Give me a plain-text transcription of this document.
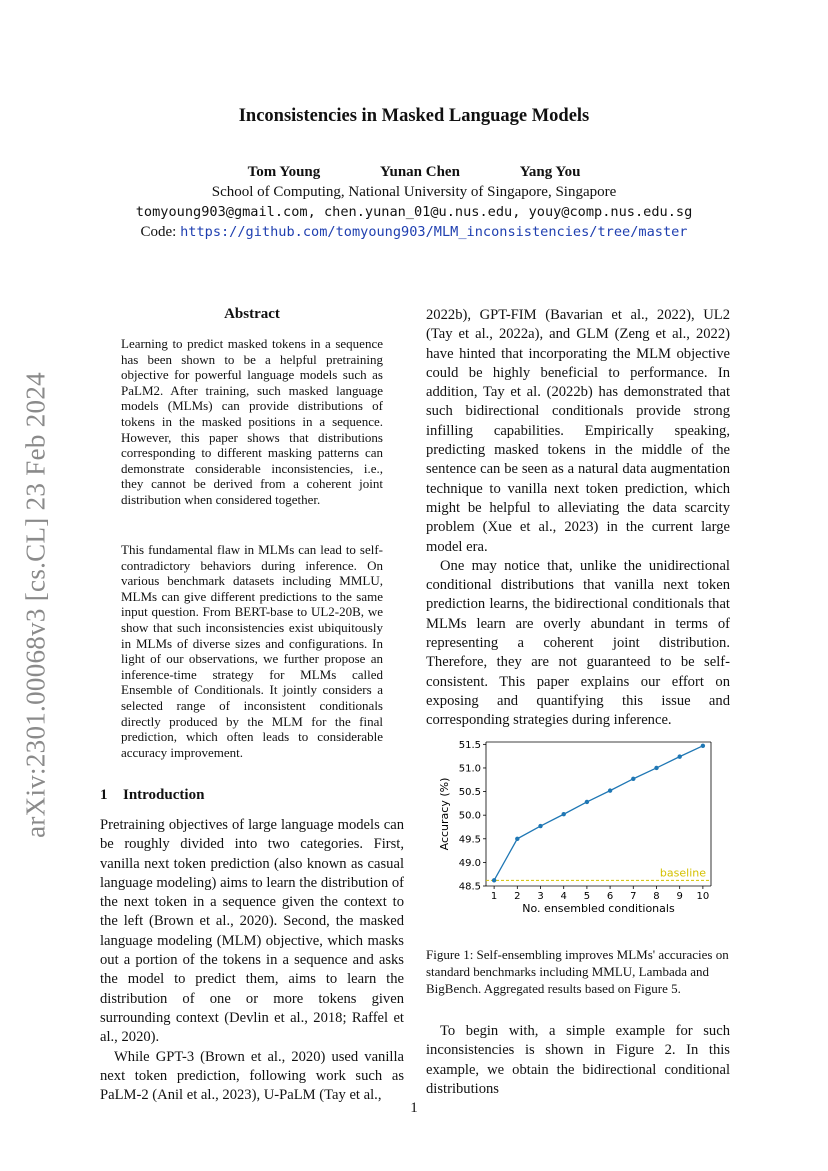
Inconsistencies in Masked Language Models
Tom Young	Yunan Chen	Yang You
School of Computing, National University of Singapore, Singapore
tomyoung903@gmail.com, chen.yunan_01@u.nus.edu, youy@comp.nus.edu.sg
Code: https://github.com/tomyoung903/MLM_inconsistencies/tree/master
arXiv:2301.00068v3 [cs.CL] 23 Feb 2024
Abstract

Learning to predict masked tokens in a sequence has been shown to be a helpful pretraining objective for powerful language models such as PaLM2. After training, such masked language models (MLMs) can provide distributions of tokens in the masked positions in a sequence. However, this paper shows that distributions corresponding to different masking patterns can demonstrate considerable inconsistencies, i.e., they cannot be derived from a coherent joint distribution when considered together.

This fundamental flaw in MLMs can lead to self-contradictory behaviors during inference. On various benchmark datasets including MMLU, MLMs can give different predictions to the same input question. From BERT-base to UL2-20B, we show that such inconsistencies exist ubiquitously in MLMs of diverse sizes and configurations. In light of our observations, we further propose an inference-time strategy for MLMs called Ensemble of Conditionals. It jointly considers a selected range of inconsistent conditionals directly produced by the MLM for the final prediction, which often leads to considerable accuracy improvement.

1 Introduction

Pretraining objectives of large language models can be roughly divided into two categories. First, vanilla next token prediction (also known as casual language modeling) aims to learn the distribution of the next token in a sequence given the context to the left (Brown et al., 2020). Second, the masked language modeling (MLM) objective, which masks out a portion of the tokens in a sequence and asks the model to predict them, aims to learn the distribution of one or more tokens given surrounding context (Devlin et al., 2018; Raffel et al., 2020).

While GPT-3 (Brown et al., 2020) used vanilla next token prediction, following work such as PaLM-2 (Anil et al., 2023), U-PaLM (Tay et al.,

2022b), GPT-FIM (Bavarian et al., 2022), UL2 (Tay et al., 2022a), and GLM (Zeng et al., 2022) have hinted that incorporating the MLM objective could be highly beneficial to performance. In addition, Tay et al. (2022b) has demonstrated that such bidirectional conditionals provide strong infilling capabilities. Empirically speaking, predicting masked tokens in the middle of the sentence can be seen as a natural data augmentation technique to vanilla next token prediction, which might be helpful to alleviating the data scarcity problem (Xue et al., 2023) in the current large model era.

One may notice that, unlike the unidirectional conditional distributions that vanilla next token prediction learns, the bidirectional conditionals that MLMs learn are overly abundant in terms of representing a coherent joint distribution. Therefore, they are not guaranteed to be self-consistent. This paper explains our effort on exposing and quantifying this issue and corresponding strategies during inference.

1 2 3 4 5 6 7 8 9 10
48.5
49.0
49.5
50.0
50.5
51.0
51.5
baseline
No. ensembled conditionals
Accuracy (%)
Figure 1: Self-ensembling improves MLMs' accuracies on standard benchmarks including MMLU, Lambada and BigBench. Aggregated results based on Figure 5.

To begin with, a simple example for such inconsistencies is shown in Figure 2. In this example, we obtain the bidirectional conditional distributions

1
